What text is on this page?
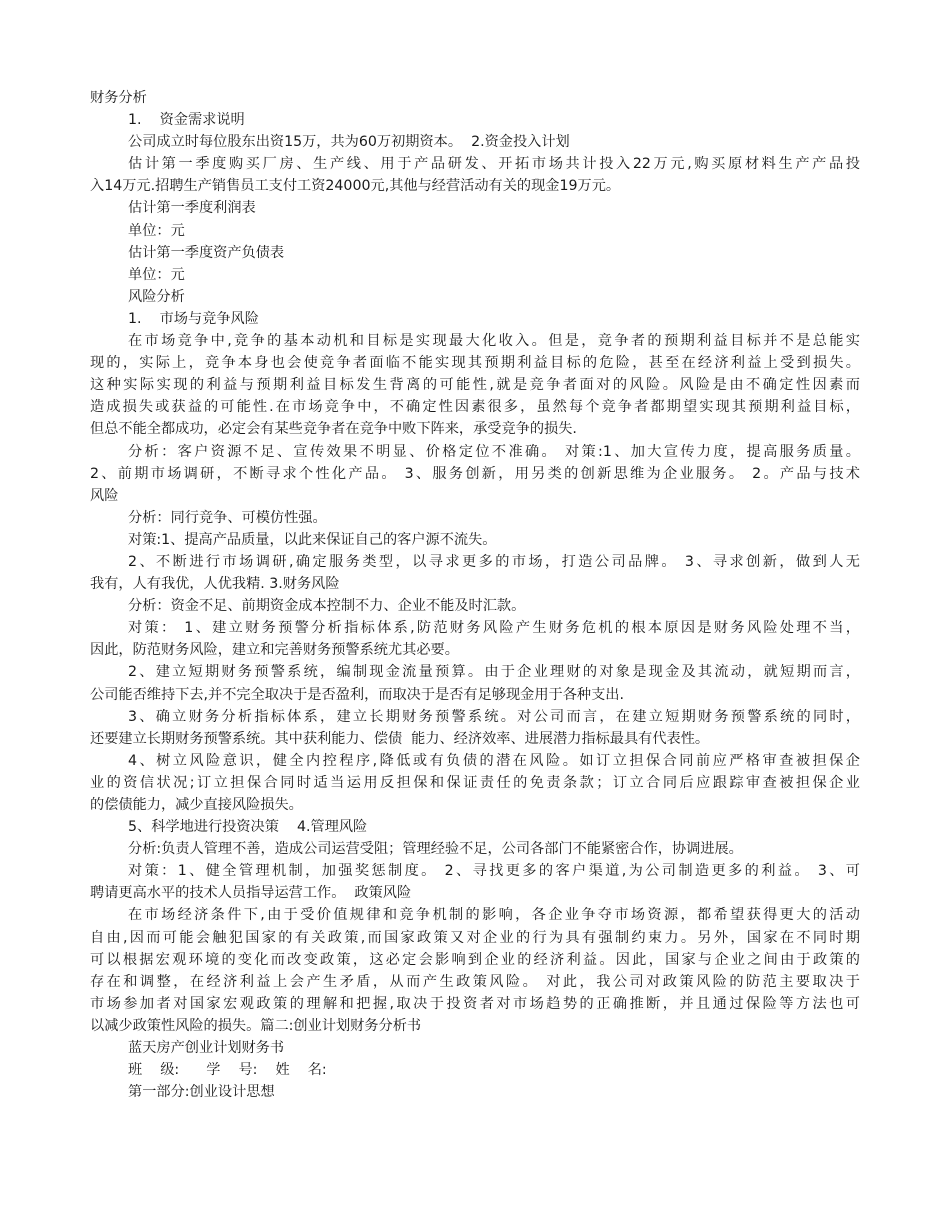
财务分析
1.    资金需求说明
公司成立时每位股东出资15万，共为60万初期资本。  2.资金投入计划
估计第一季度购买厂房、生产线、用于产品研发、开拓市场共计投入22万元,购买原材料生产产品投
入14万元.招聘生产销售员工支付工资24000元,其他与经营活动有关的现金19万元。
估计第一季度利润表
单位：元
估计第一季度资产负债表
单位：元
风险分析
1.    市场与竞争风险
在市场竞争中,竞争的基本动机和目标是实现最大化收入。但是，竞争者的预期利益目标并不是总能实
现的，实际上，竞争本身也会使竞争者面临不能实现其预期利益目标的危险，甚至在经济利益上受到损失。
这种实际实现的利益与预期利益目标发生背离的可能性,就是竞争者面对的风险。风险是由不确定性因素而
造成损失或获益的可能性.在市场竞争中，不确定性因素很多，虽然每个竞争者都期望实现其预期利益目标，
但总不能全都成功，必定会有某些竞争者在竞争中败下阵来，承受竞争的损失.
分析：客户资源不足、宣传效果不明显、价格定位不准确。 对策:1、加大宣传力度，提高服务质量。
2、前期市场调研，不断寻求个性化产品。 3、服务创新，用另类的创新思维为企业服务。 2。产品与技术
风险
分析：同行竞争、可模仿性强。
对策:1、提高产品质量，以此来保证自己的客户源不流失。
2、不断进行市场调研,确定服务类型，以寻求更多的市场，打造公司品牌。 3、寻求创新，做到人无
我有，人有我优，人优我精. 3.财务风险
分析：资金不足、前期资金成本控制不力、企业不能及时汇款。
对策： 1、建立财务预警分析指标体系,防范财务风险产生财务危机的根本原因是财务风险处理不当，
因此，防范财务风险，建立和完善财务预警系统尤其必要。
2、建立短期财务预警系统，编制现金流量预算。由于企业理财的对象是现金及其流动，就短期而言，
公司能否维持下去,并不完全取决于是否盈利，而取决于是否有足够现金用于各种支出.
3、确立财务分析指标体系，建立长期财务预警系统。对公司而言，在建立短期财务预警系统的同时，
还要建立长期财务预警系统。其中获利能力、偿债  能力、经济效率、进展潜力指标最具有代表性。
4、树立风险意识，健全内控程序,降低或有负债的潜在风险。如订立担保合同前应严格审查被担保企
业的资信状况;订立担保合同时适当运用反担保和保证责任的免责条款；订立合同后应跟踪审查被担保企业
的偿债能力，减少直接风险损失。
5、科学地进行投资决策    4.管理风险
分析:负责人管理不善，造成公司运营受阻；管理经验不足，公司各部门不能紧密合作，协调进展。
对策：1、健全管理机制，加强奖惩制度。 2、寻找更多的客户渠道,为公司制造更多的利益。 3、可
聘请更高水平的技术人员指导运营工作。  政策风险
在市场经济条件下,由于受价值规律和竞争机制的影响，各企业争夺市场资源，都希望获得更大的活动
自由,因而可能会触犯国家的有关政策,而国家政策又对企业的行为具有强制约束力。另外，国家在不同时期
可以根据宏观环境的变化而改变政策，这必定会影响到企业的经济利益。因此，国家与企业之间由于政策的
存在和调整，在经济利益上会产生矛盾，从而产生政策风险。 对此，我公司对政策风险的防范主要取决于
市场参加者对国家宏观政策的理解和把握,取决于投资者对市场趋势的正确推断，并且通过保险等方法也可
以减少政策性风险的损失。篇二:创业计划财务分析书
蓝天房产创业计划财务书
班    级:      学    号:    姓    名:
第一部分:创业设计思想
